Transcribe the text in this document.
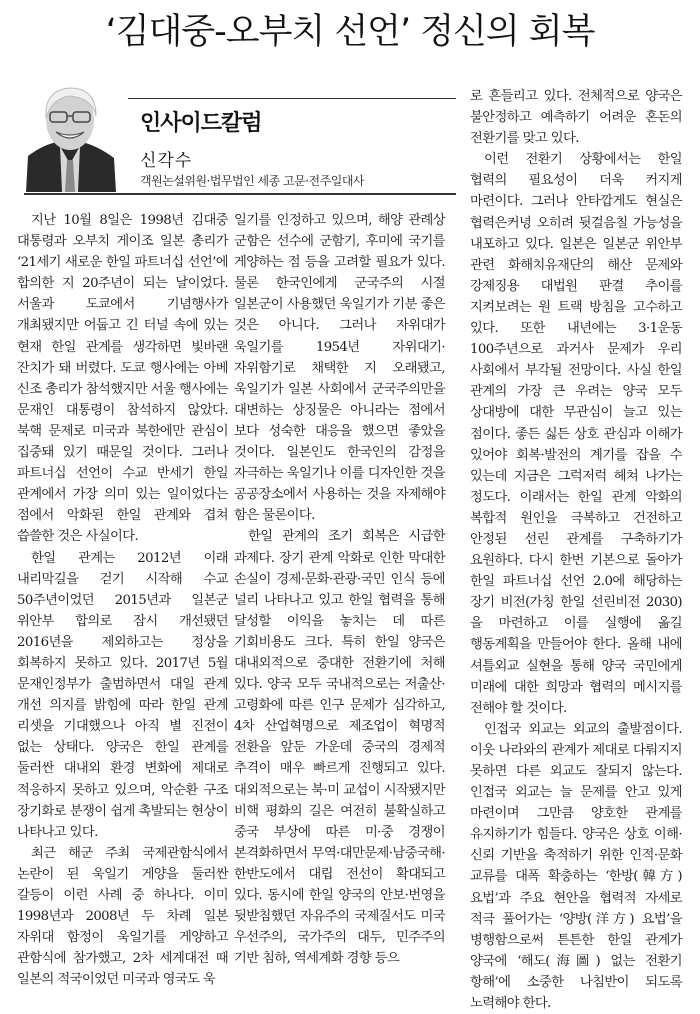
‘김대중-오부치 선언’ 정신의 회복
인사이드칼럼
신각수
객원논설위원·법무법인 세종 고문·전주일대사

지난 10월 8일은 1998년 김대중 대통령과 오부치 게이조 일본 총리가 ‘21세기 새로운 한일 파트너십 선언’에 합의한 지 20주년이 되는 날이었다. 서울과 도쿄에서 기념행사가 개최됐지만 어둡고 긴 터널 속에 있는 현재 한일 관계를 생각하면 빛바랜 잔치가 돼 버렸다. 도쿄 행사에는 아베 신조 총리가 참석했지만 서울 행사에는 문재인 대통령이 참석하지 않았다. 북핵 문제로 미국과 북한에만 관심이 집중돼 있기 때문일 것이다. 그러나 파트너십 선언이 수교 반세기 한일 관계에서 가장 의미 있는 일이었다는 점에서 악화된 한일 관계와 겹쳐 씁쓸한 것은 사실이다.

한일 관계는 2012년 이래 내리막길을 걷기 시작해 수교 50주년이었던 2015년과 일본군 위안부 합의로 잠시 개선됐던 2016년을 제외하고는 정상을 회복하지 못하고 있다. 2017년 5월 문재인정부가 출범하면서 대일 관계 개선 의지를 밝힘에 따라 한일 관계 리셋을 기대했으나 아직 별 진전이 없는 상태다. 양국은 한일 관계를 둘러싼 대내외 환경 변화에 제대로 적응하지 못하고 있으며, 악순환 구조 장기화로 분쟁이 쉽게 촉발되는 현상이 나타나고 있다.

최근 해군 주최 국제관함식에서 논란이 된 욱일기 게양을 둘러싼 갈등이 이런 사례 중 하나다. 이미 1998년과 2008년 두 차례 일본 자위대 함정이 욱일기를 게양하고 관함식에 참가했고, 2차 세계대전 때 일본의 적국이었던 미국과 영국도 욱

일기를 인정하고 있으며, 해양 관례상 군함은 선수에 군함기, 후미에 국기를 게양하는 점 등을 고려할 필요가 있다. 물론 한국인에게 군국주의 시절 일본군이 사용했던 욱일기가 기분 좋은 것은 아니다. 그러나 자위대가 욱일기를 1954년 자위대기·자위함기로 채택한 지 오래됐고, 욱일기가 일본 사회에서 군국주의만을 대변하는 상징물은 아니라는 점에서 보다 성숙한 대응을 했으면 좋았을 것이다. 일본인도 한국인의 감정을 자극하는 욱일기나 이를 디자인한 것을 공공장소에서 사용하는 것을 자제해야 함은 물론이다.

한일 관계의 조기 회복은 시급한 과제다. 장기 관계 악화로 인한 막대한 손실이 경제·문화·관광·국민 인식 등에 널리 나타나고 있고 한일 협력을 통해 달성할 이익을 놓치는 데 따른 기회비용도 크다. 특히 한일 양국은 대내외적으로 중대한 전환기에 처해 있다. 양국 모두 국내적으로는 저출산·고령화에 따른 인구 문제가 심각하고, 4차 산업혁명으로 제조업이 혁명적 전환을 앞둔 가운데 중국의 경제적 추격이 매우 빠르게 진행되고 있다. 대외적으로는 북·미 교섭이 시작됐지만 비핵 평화의 길은 여전히 불확실하고 중국 부상에 따른 미·중 경쟁이 본격화하면서 무역·대만문제·남중국해·한반도에서 대립 전선이 확대되고 있다. 동시에 한일 양국의 안보·번영을 뒷받침했던 자유주의 국제질서도 미국 우선주의, 국가주의 대두, 민주주의 기반 침하, 역세계화 경향 등으

로 흔들리고 있다. 전체적으로 양국은 불안정하고 예측하기 어려운 혼돈의 전환기를 맞고 있다.

이런 전환기 상황에서는 한일 협력의 필요성이 더욱 커지게 마련이다. 그러나 안타깝게도 현실은 협력은커녕 오히려 뒷걸음칠 가능성을 내포하고 있다. 일본은 일본군 위안부 관련 화해치유재단의 해산 문제와 강제징용 대법원 판결 추이를 지켜보려는 원 트랙 방침을 고수하고 있다. 또한 내년에는 3·1운동 100주년으로 과거사 문제가 우리 사회에서 부각될 전망이다. 사실 한일 관계의 가장 큰 우려는 양국 모두 상대방에 대한 무관심이 늘고 있는 점이다. 좋든 싫든 상호 관심과 이해가 있어야 회복·발전의 계기를 잡을 수 있는데 지금은 그럭저럭 헤쳐 나가는 정도다. 이래서는 한일 관계 악화의 복합적 원인을 극복하고 건전하고 안정된 선린 관계를 구축하기가 요원하다. 다시 한번 기본으로 돌아가 한일 파트너십 선언 2.0에 해당하는 장기 비전(가칭 한일 선린비전 2030)을 마련하고 이를 실행에 옮길 행동계획을 만들어야 한다. 올해 내에 셔틀외교 실현을 통해 양국 국민에게 미래에 대한 희망과 협력의 메시지를 전해야 할 것이다.

인접국 외교는 외교의 출발점이다. 이웃 나라와의 관계가 제대로 다뤄지지 못하면 다른 외교도 잘되지 않는다. 인접국 외교는 늘 문제를 안고 있게 마련이며 그만큼 양호한 관계를 유지하기가 힘들다. 양국은 상호 이해·신뢰 기반을 축적하기 위한 인적·문화 교류를 대폭 확충하는 ‘한방(韓方) 요법’과 주요 현안을 협력적 자세로 적극 풀어가는 ‘양방(洋方) 요법’을 병행함으로써 튼튼한 한일 관계가 양국에 ‘해도(海圖) 없는 전환기 항해’에 소중한 나침반이 되도록 노력해야 한다.
